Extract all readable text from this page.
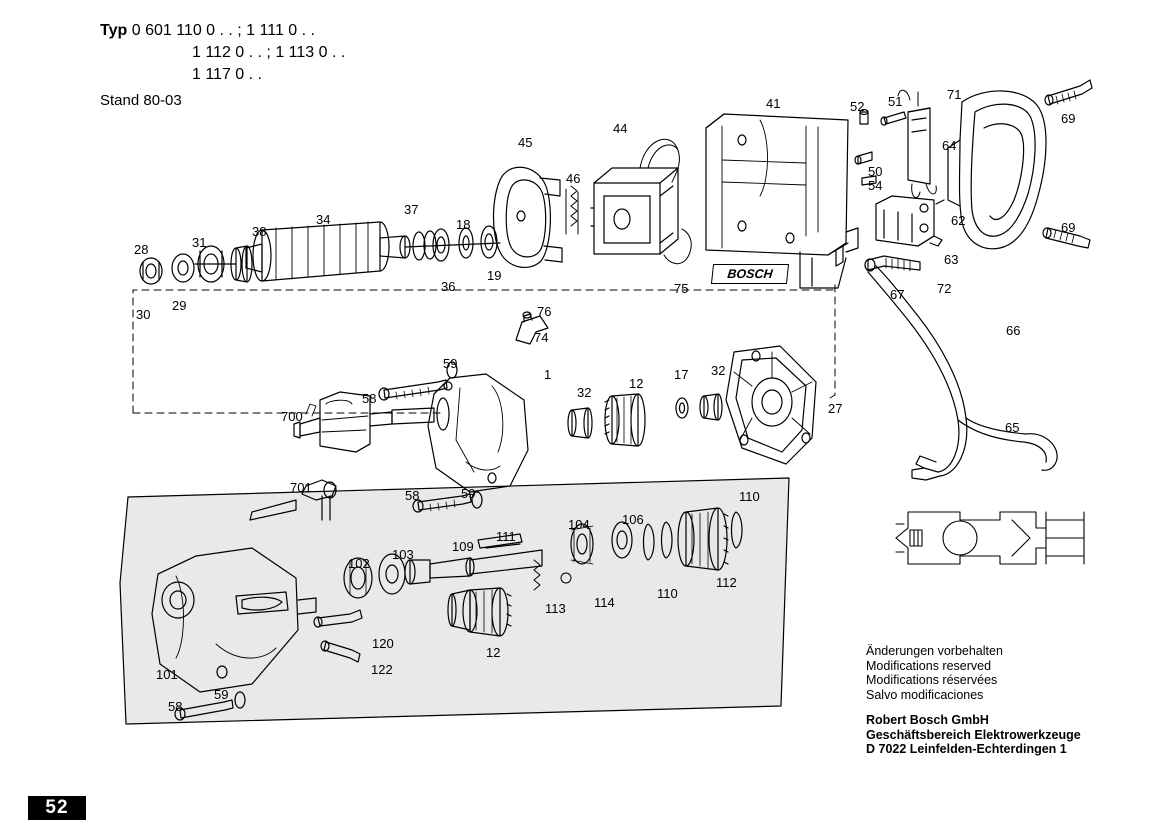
Typ 0 601 110 0 . . ; 1 111 0 . .
1 112 0 . . ; 1 113 0 . .
1 117 0 . .
Stand 80-03
BOSCH
28	31
38
34
37
18
45
46
44
41	52 51	71
69
64
50
54
62
63
69
72
67
30
29
36
19
75
76
74	66
59
1
32
12
17 32
27
58
700
65
701
58	59	110
104 106
111
109
103
102
112
110
114
113
12
120
122
101
58
59
Änderungen vorbehalten
Modifications reserved
Modifications réservées
Salvo modificaciones
Robert Bosch GmbH
Geschäftsbereich Elektrowerkzeuge
D 7022 Leinfelden-Echterdingen 1
52
